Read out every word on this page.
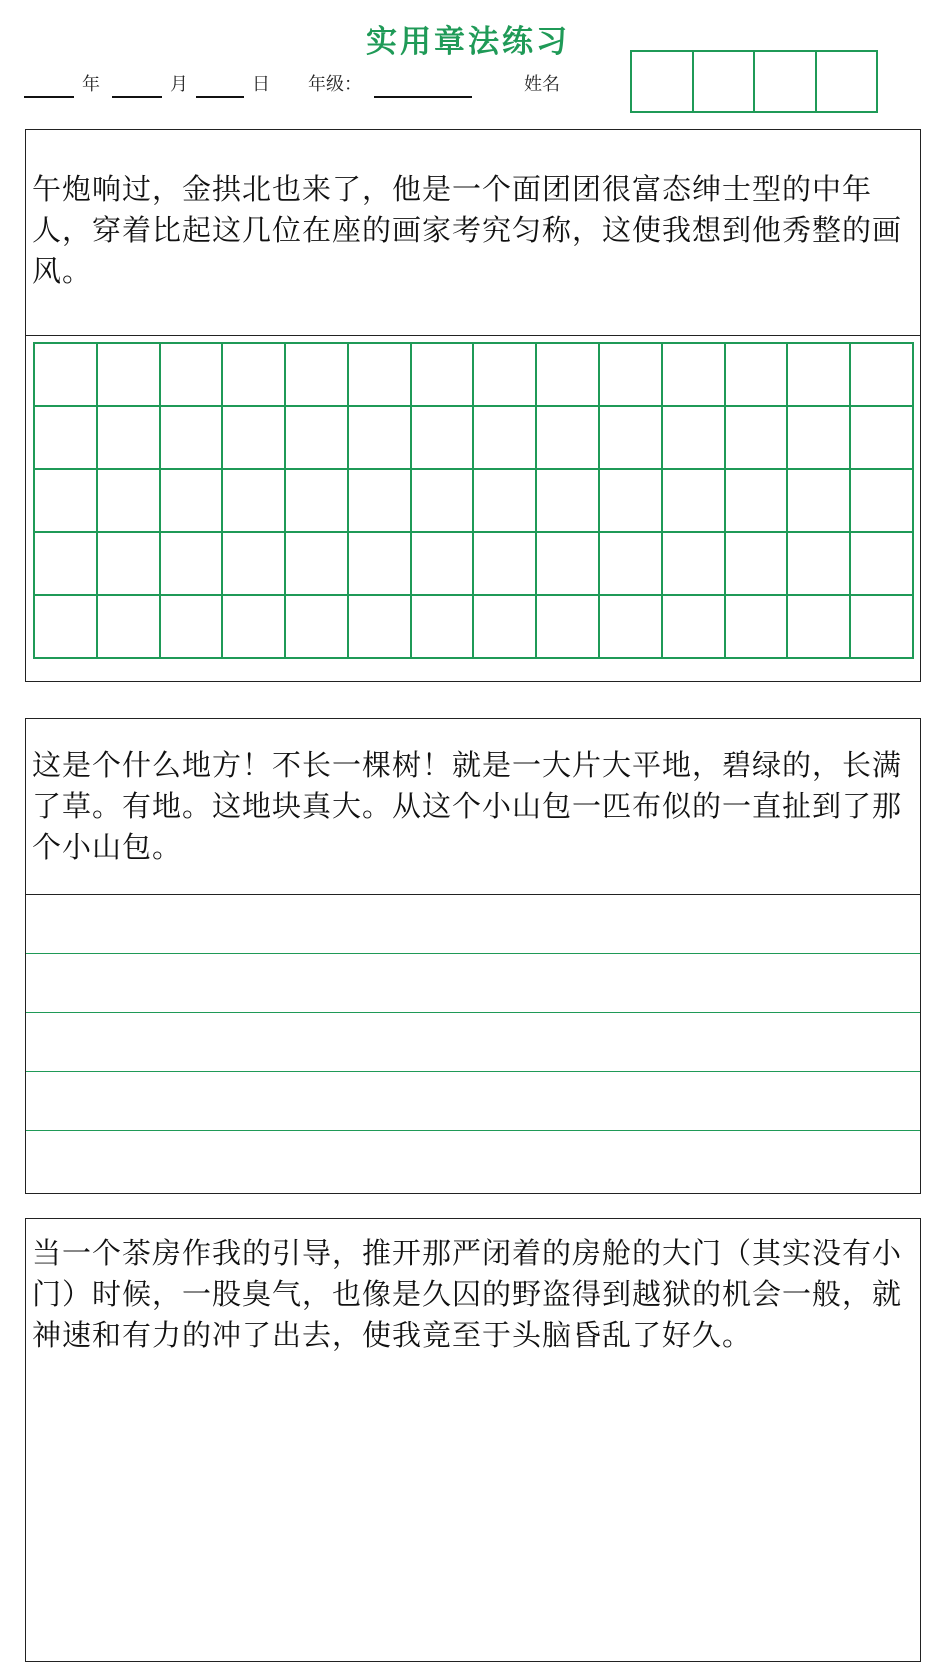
实用章法练习
年	月	日 年级：	姓名
午炮响过，金拱北也来了，他是一个面团团很富态绅士型的中年人，穿着比起这几位在座的画家考究匀称，这使我想到他秀整的画风。
这是个什么地方！不长一棵树！就是一大片大平地，碧绿的，长满了草。有地。这地块真大。从这个小山包一匹布似的一直扯到了那个小山包。
当一个茶房作我的引导，推开那严闭着的房舱的大门（其实没有小门）时候，一股臭气，也像是久囚的野盗得到越狱的机会一般，就神速和有力的冲了出去，使我竟至于头脑昏乱了好久。
